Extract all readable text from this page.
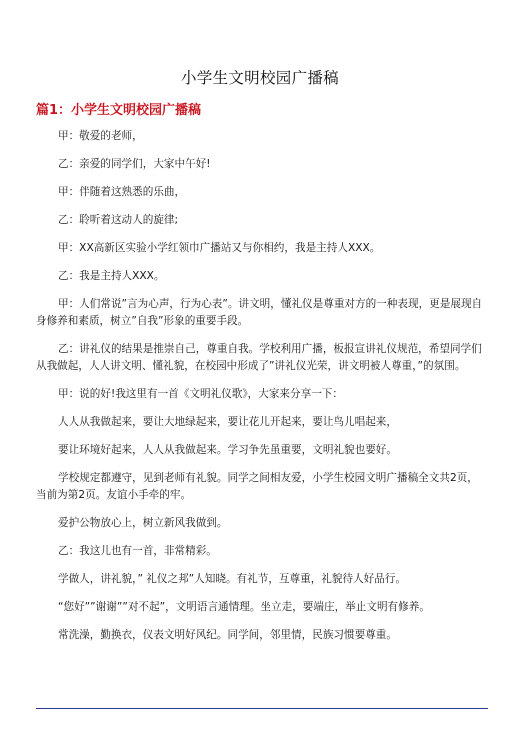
小学生文明校园广播稿
篇1：小学生文明校园广播稿

甲：敬爱的老师，

乙：亲爱的同学们，大家中午好!

甲：伴随着这熟悉的乐曲，

乙：聆听着这动人的旋律;

甲：XX高新区实验小学红领巾广播站又与你相约，我是主持人XXX。

乙：我是主持人XXX。

甲：人们常说”言为心声，行为心表”。讲文明，懂礼仪是尊重对方的一种表现，更是展现自身修养和素质，树立”自我”形象的重要手段。

乙：讲礼仪的结果是推崇自己，尊重自我。学校利用广播，板报宣讲礼仪规范，希望同学们从我做起，人人讲文明、懂礼貌，在校园中形成了”讲礼仪光荣，讲文明被人尊重，”的氛围。

甲：说的好!我这里有一首《文明礼仪歌》，大家来分享一下：

人人从我做起来，要让大地绿起来，要让花儿开起来，要让鸟儿唱起来，

要让环境好起来，人人从我做起来。学习争先虽重要，文明礼貌也要好。

学校规定都遵守，见到老师有礼貌。同学之间相友爱，小学生校园文明广播稿全文共2页，当前为第2页。友谊小手牵的牢。

爱护公物放心上，树立新风我做到。

乙：我这儿也有一首，非常精彩。

学做人，讲礼貌，” 礼仪之邦”人知晓。有礼节，互尊重，礼貌待人好品行。

“您好””谢谢””对不起”，文明语言通情理。坐立走，要端庄，举止文明有修养。

常洗澡，勤换衣，仪表文明好风纪。同学间，邻里情，民族习惯要尊重。
